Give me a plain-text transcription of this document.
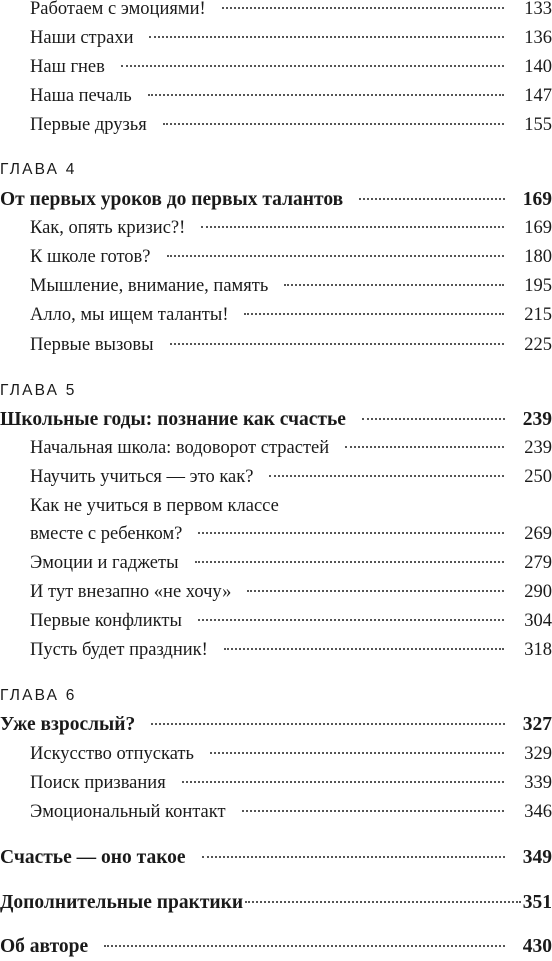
Работаем с эмоциями!	133
Наши страхи	136
Наш гнев	140
Наша печаль	147
Первые друзья	155
ГЛАВА 4
От первых уроков до первых талантов	169
Как, опять кризис?!	169
К школе готов?	180
Мышление, внимание, память	195
Алло, мы ищем таланты!	215
Первые вызовы	225
ГЛАВА 5
Школьные годы: познание как счастье	239
Начальная школа: водоворот страстей	239
Научить учиться — это как?	250
Как не учиться в первом классе
вместе с ребенком?	269
Эмоции и гаджеты	279
И тут внезапно «не хочу»	290
Первые конфликты	304
Пусть будет праздник!	318
ГЛАВА 6
Уже взрослый?	327
Искусство отпускать	329
Поиск призвания	339
Эмоциональный контакт	346
Счастье — оно такое	349
Дополнительные практики	351
Об авторе	430
